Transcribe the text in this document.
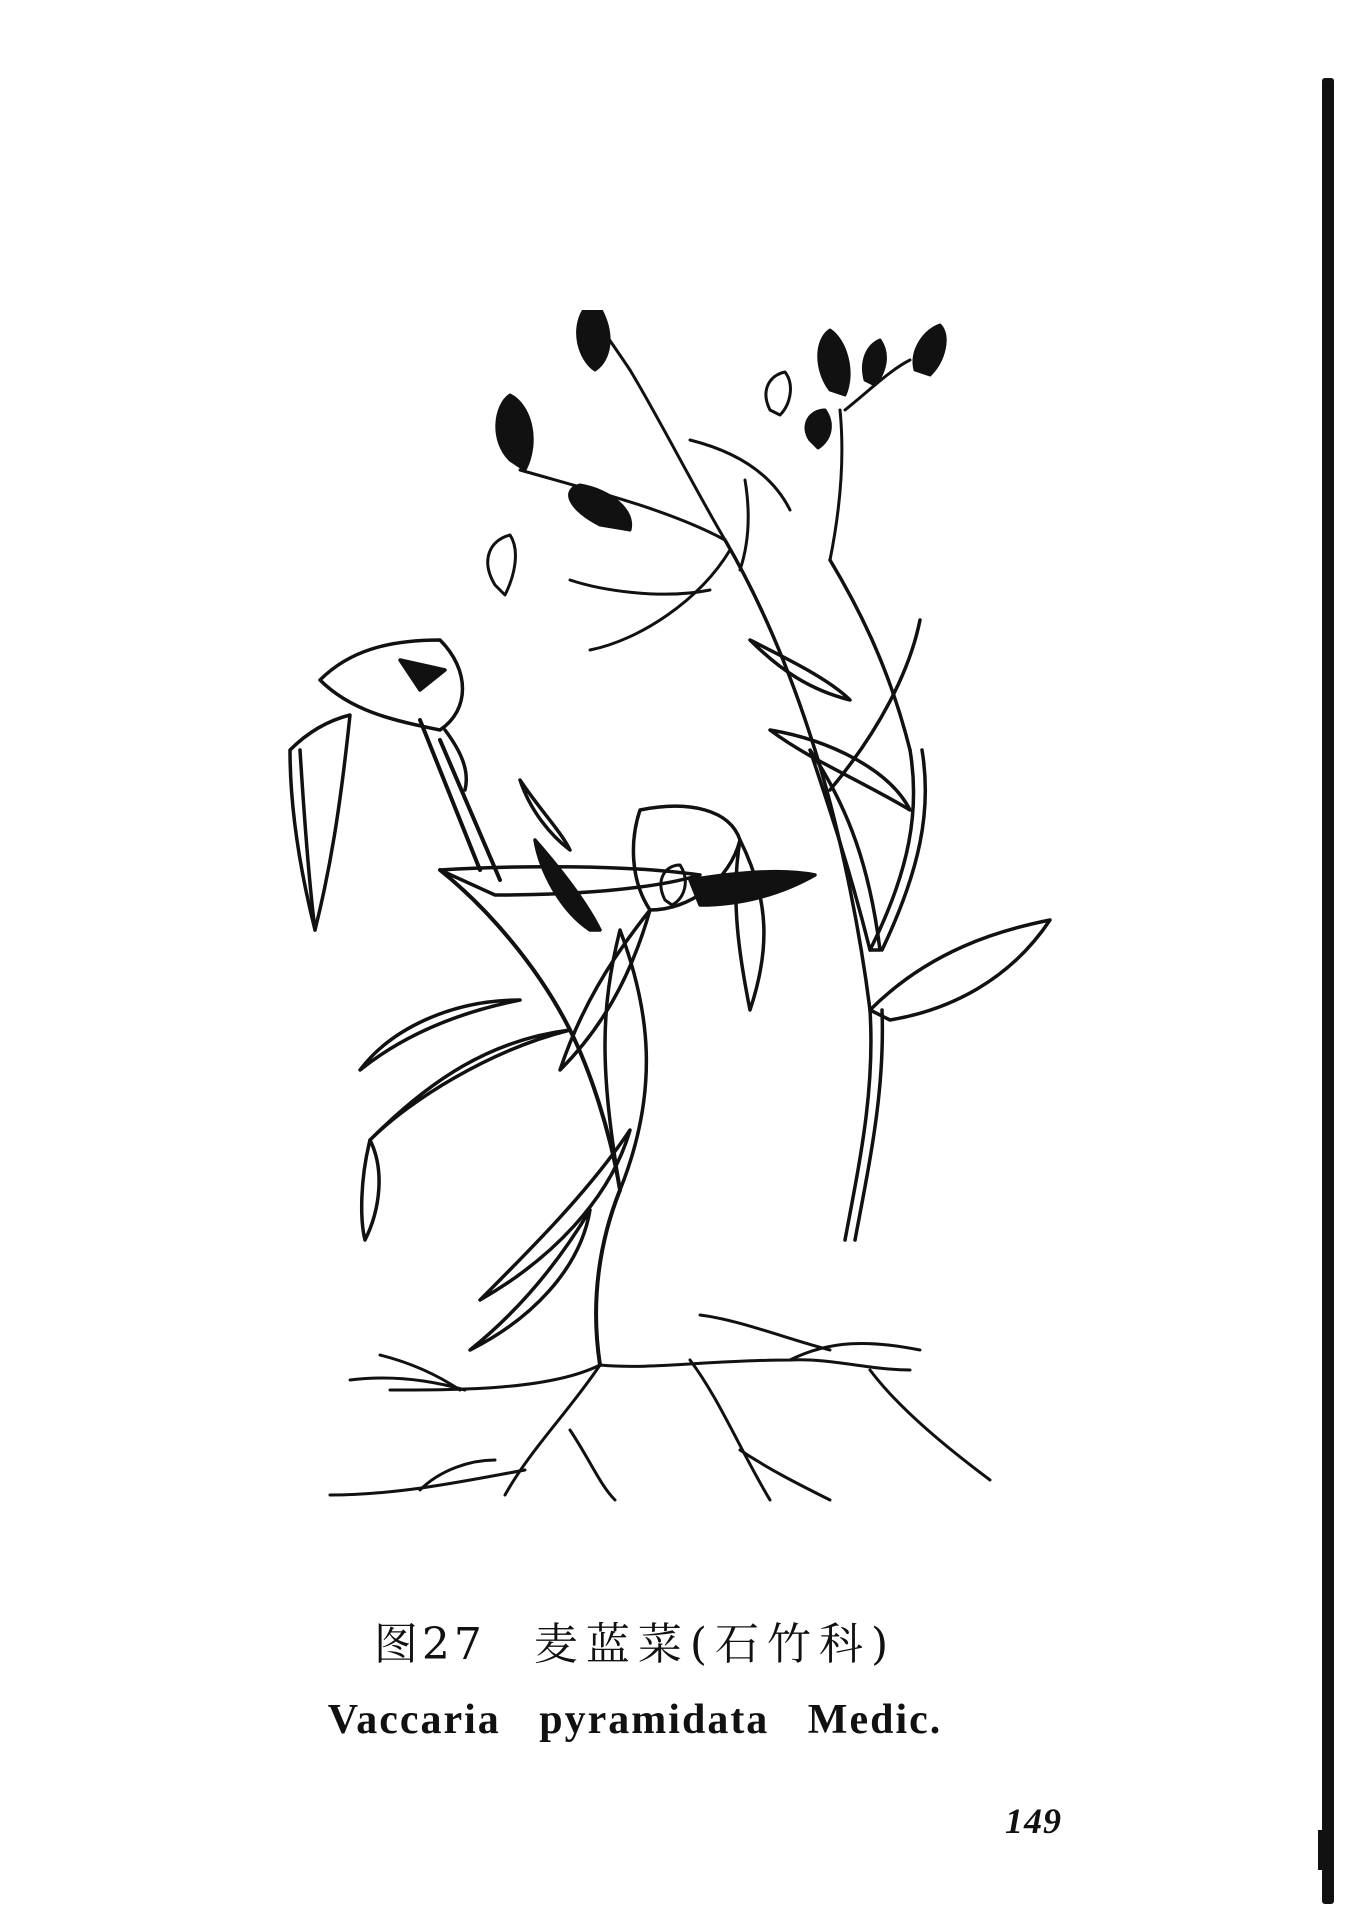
图27 麦蓝菜(石竹科)
Vaccaria pyramidata Medic.
149
